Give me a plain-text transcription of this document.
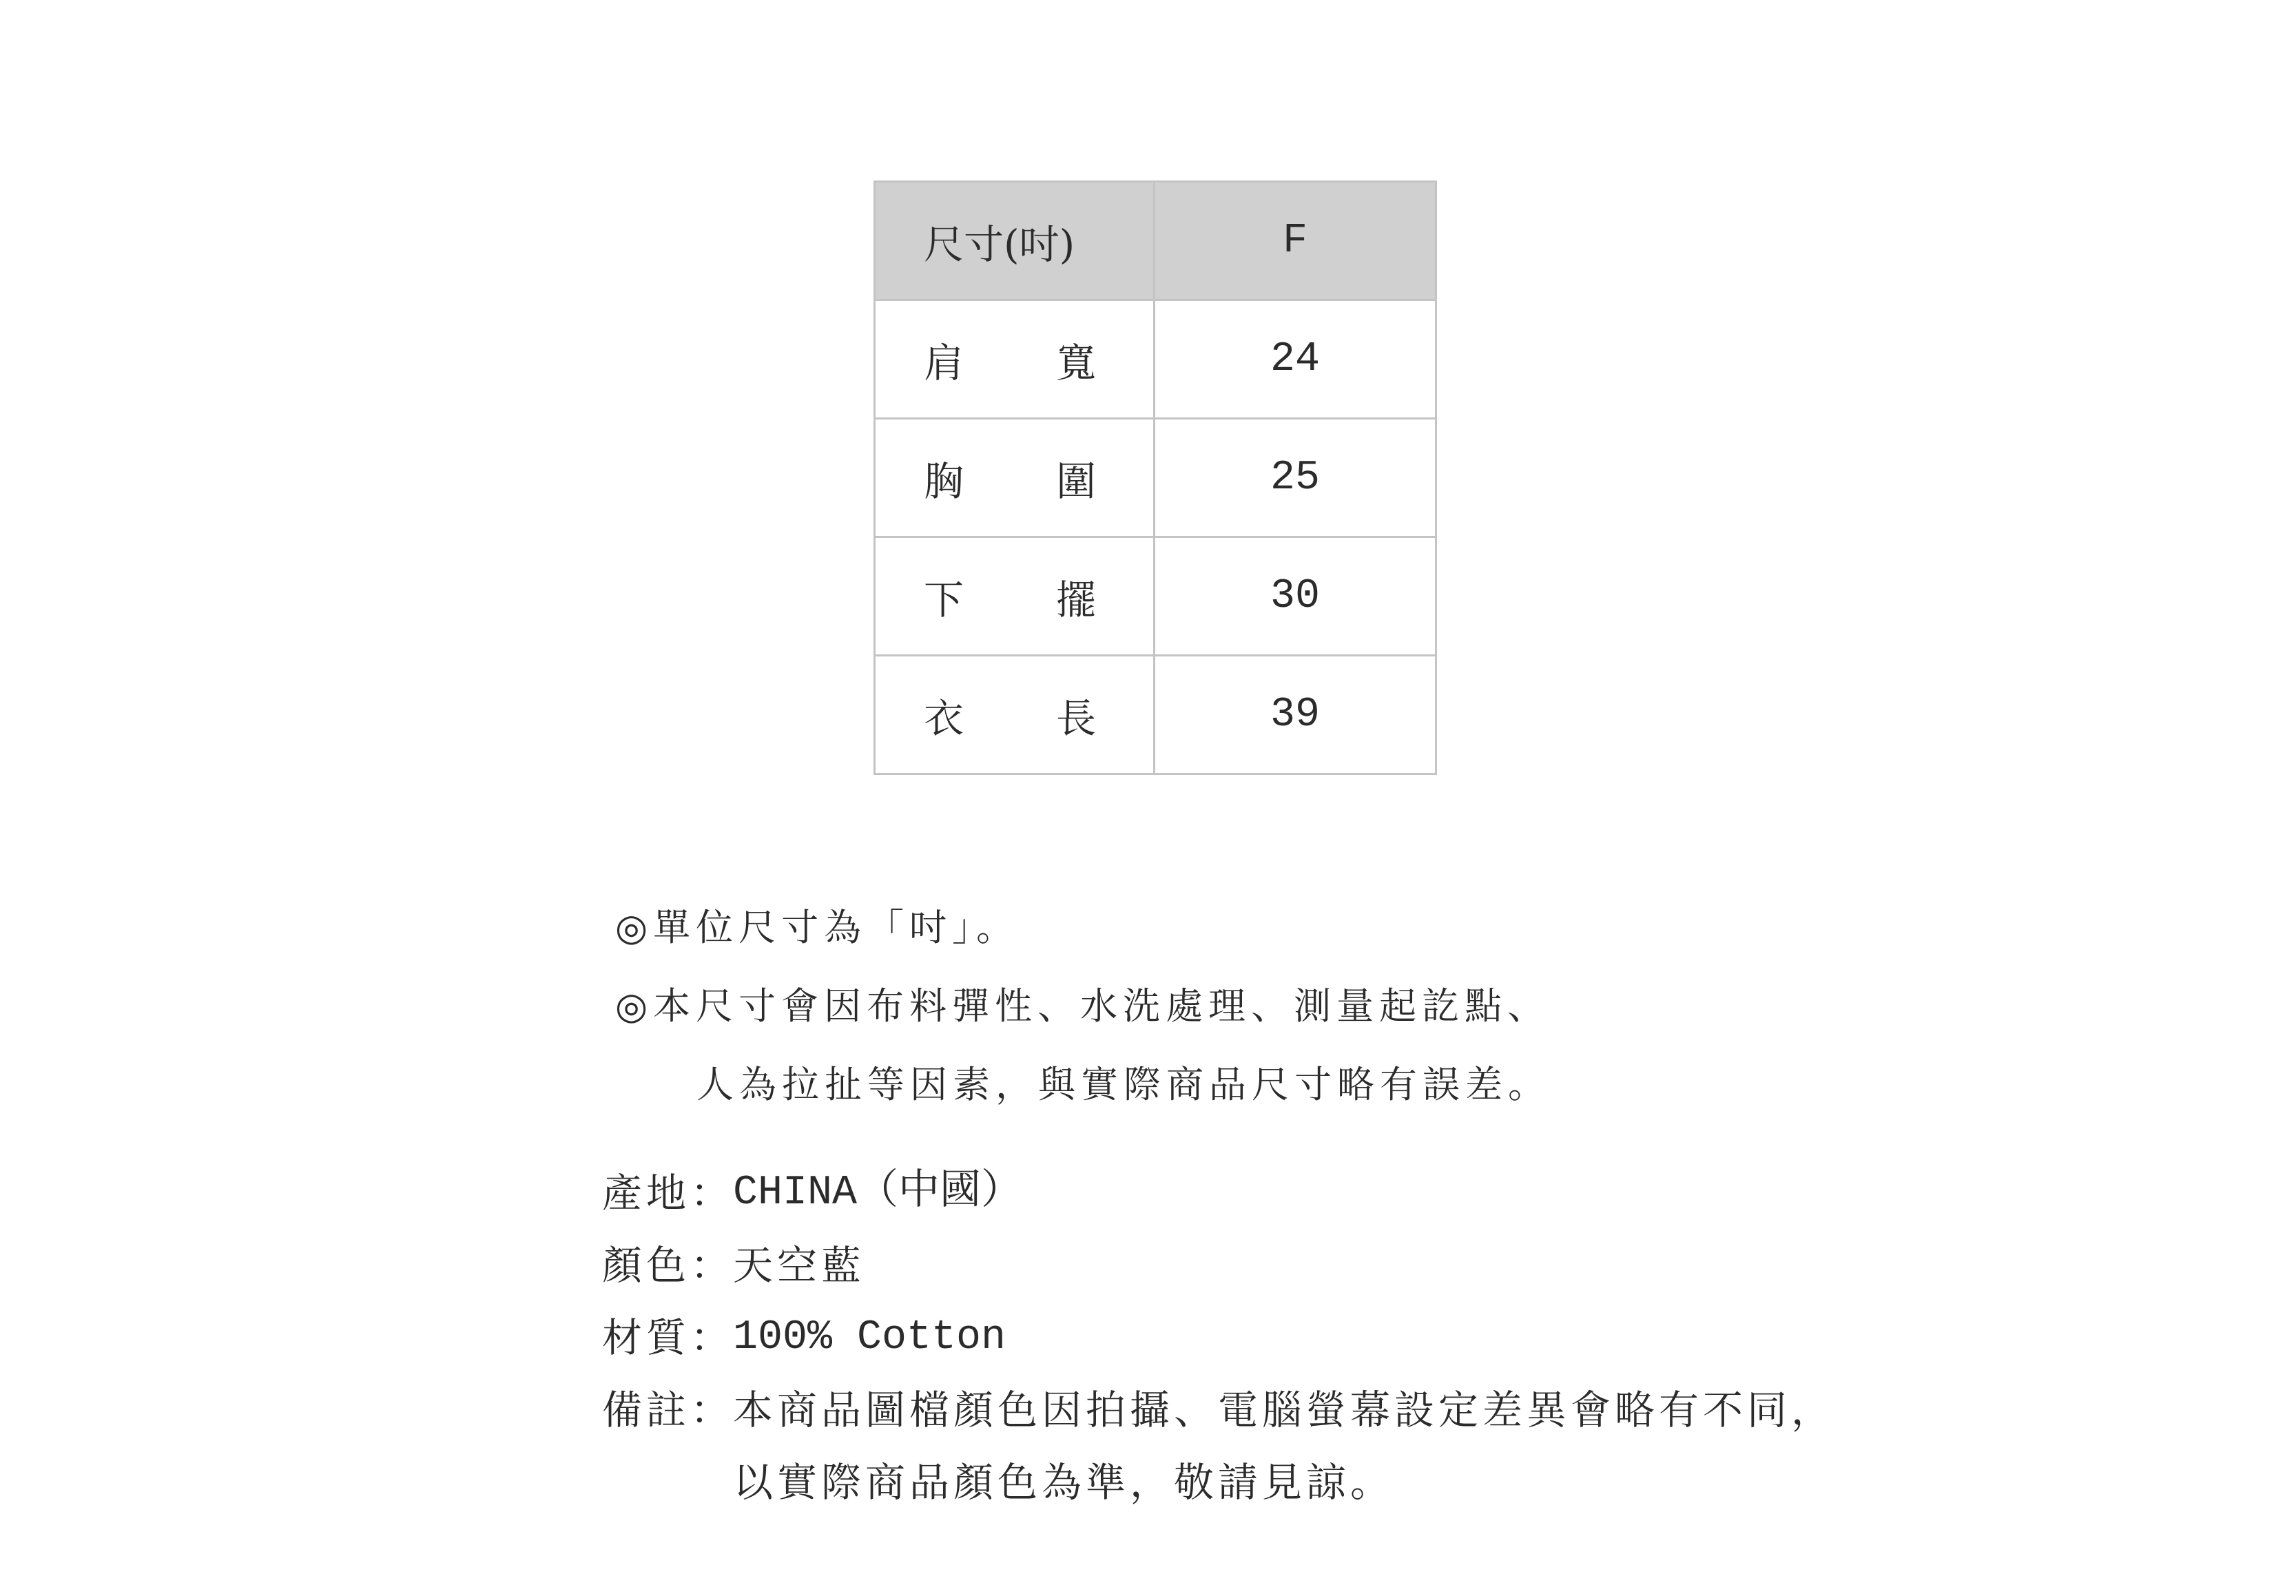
尺寸(吋)	F

肩 寬	24

胸 圍	25

下 擺	30

衣 長	39
◎單位尺寸為「吋」。
◎本尺寸會因布料彈性、水洗處理、測量起訖點、
人為拉扯等因素，與實際商品尺寸略有誤差。
產地：
CHINA（中國）
顏色：
天空藍
材質：
100% Cotton
備註：
本商品圖檔顏色因拍攝、電腦螢幕設定差異會略有不同，
以實際商品顏色為準，敬請見諒。
